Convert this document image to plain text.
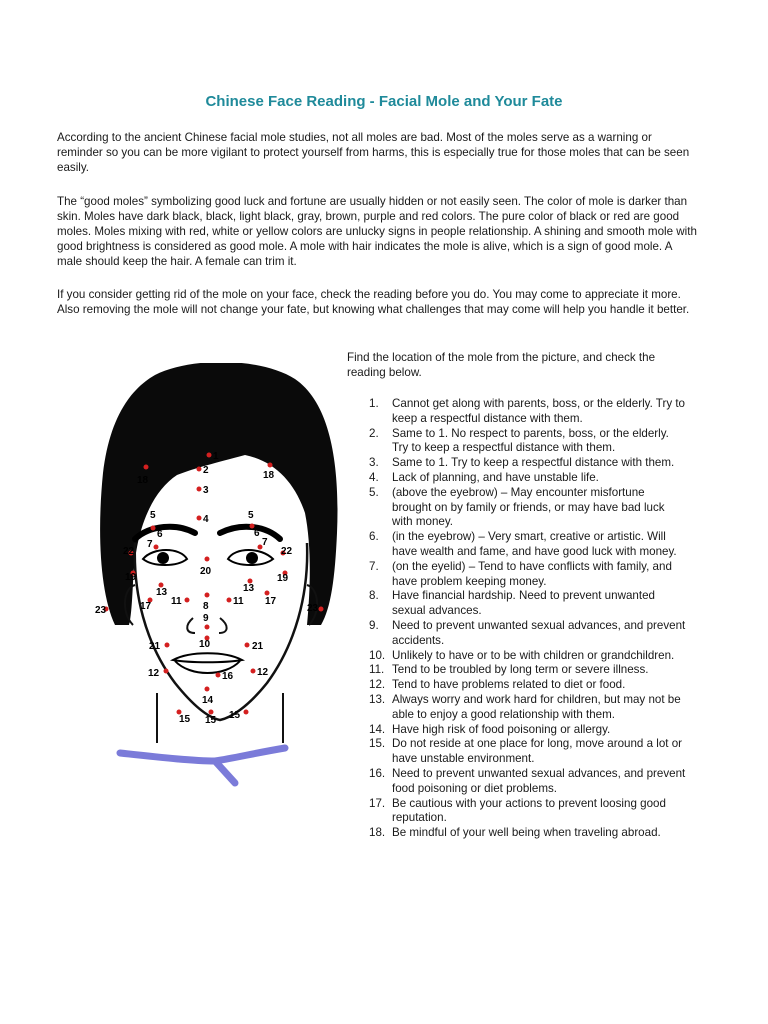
Chinese Face Reading - Facial Mole and Your Fate

According to the ancient Chinese facial mole studies, not all moles are bad. Most of the moles serve as a warning or reminder so you can be more vigilant to protect yourself from harms, this is especially true for those moles that can be seen easily.

The “good moles” symbolizing good luck and fortune are usually hidden or not easily seen. The color of mole is darker than skin. Moles have dark black, black, light black, gray, brown, purple and red colors. The pure color of black or red are good moles. Moles mixing with red, white or yellow colors are unlucky signs in people relationship. A shining and smooth mole with good brightness is considered as good mole. A mole with hair indicates the mole is alive, which is a sign of good mole. A male should keep the hair. A female can trim it.

If you consider getting rid of the mole on your face, check the reading before you do. You may come to appreciate it more. Also removing the mole will not change your fate, but knowing what challenges that may come will help you handle it better.

1
2
3
4
5	5
6	6
7	7
8
9
10
11	11
12	12
13	13
14
15 15 15
16
17	17
18	18
19	19
20
21	21
22	22
23	23

Find the location of the mole from the picture, and check the reading below.

1. Cannot get along with parents, boss, or the elderly. Try to keep a respectful distance with them.
2. Same to 1. No respect to parents, boss, or the elderly. Try to keep a respectful distance with them.
3. Same to 1. Try to keep a respectful distance with them.
4. Lack of planning, and have unstable life.
5. (above the eyebrow) – May encounter misfortune brought on by family or friends, or may have bad luck with money.
6. (in the eyebrow) – Very smart, creative or artistic. Will have wealth and fame, and have good luck with money.
7. (on the eyelid) – Tend to have conflicts with family, and have problem keeping money.
8. Have financial hardship. Need to prevent unwanted sexual advances.
9. Need to prevent unwanted sexual advances, and prevent accidents.
10. Unlikely to have or to be with children or grandchildren.
11. Tend to be troubled by long term or severe illness.
12. Tend to have problems related to diet or food.
13. Always worry and work hard for children, but may not be able to enjoy a good relationship with them.
14. Have high risk of food poisoning or allergy.
15. Do not reside at one place for long, move around a lot or have unstable environment.
16. Need to prevent unwanted sexual advances, and prevent food poisoning or diet problems.
17. Be cautious with your actions to prevent loosing good reputation.
18. Be mindful of your well being when traveling abroad.
